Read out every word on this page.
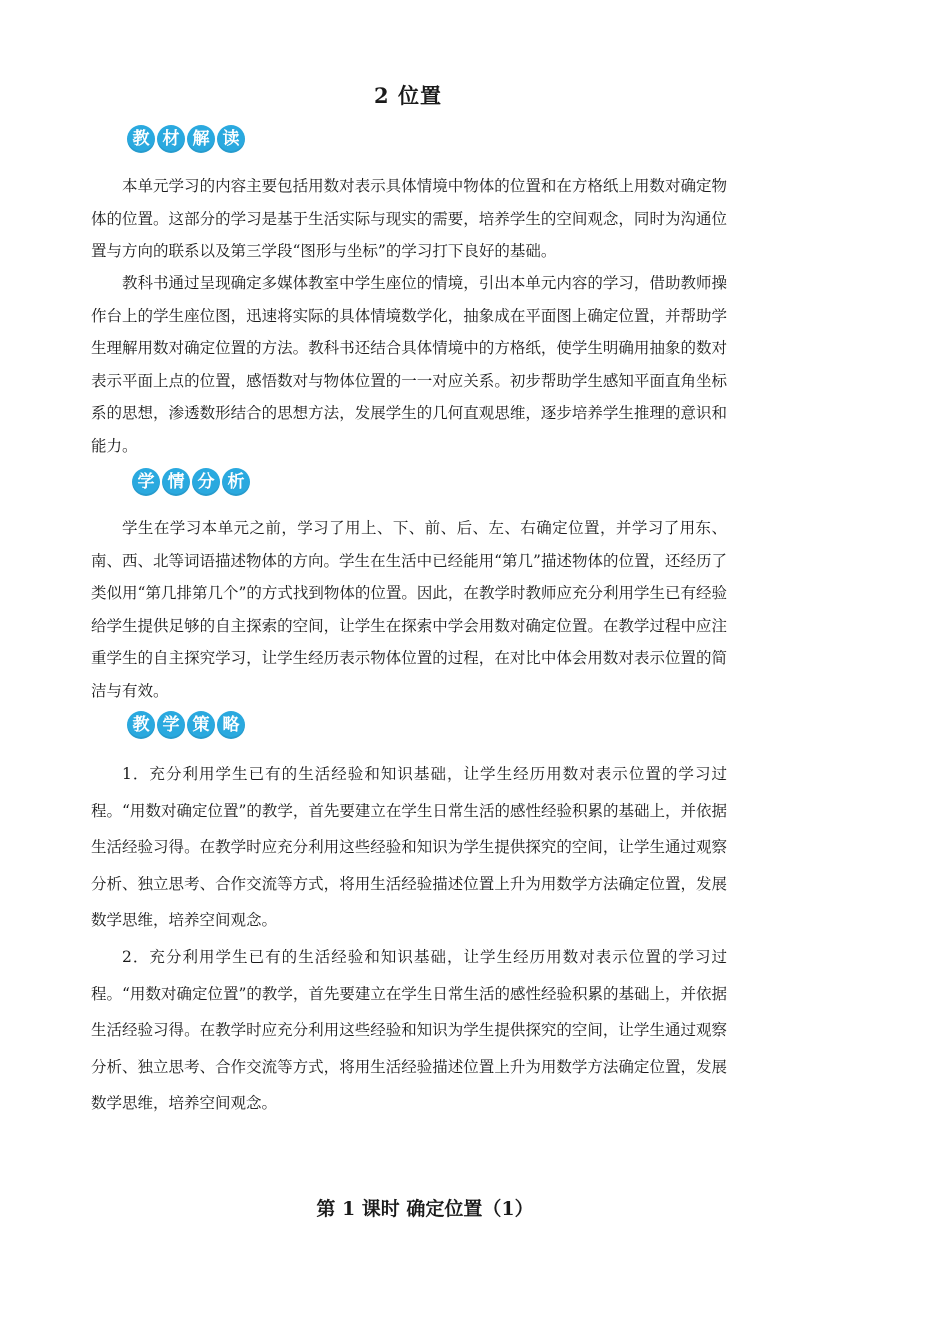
2 位置
教 材 解 读

本单元学习的内容主要包括用数对表示具体情境中物体的位置和在方格纸上用数对确定物体的位置。这部分的学习是基于生活实际与现实的需要，培养学生的空间观念，同时为沟通位置与方向的联系以及第三学段“图形与坐标”的学习打下良好的基础。

教科书通过呈现确定多媒体教室中学生座位的情境，引出本单元内容的学习，借助教师操作台上的学生座位图，迅速将实际的具体情境数学化，抽象成在平面图上确定位置，并帮助学生理解用数对确定位置的方法。教科书还结合具体情境中的方格纸，使学生明确用抽象的数对表示平面上点的位置，感悟数对与物体位置的一一对应关系。初步帮助学生感知平面直角坐标系的思想，渗透数形结合的思想方法，发展学生的几何直观思维，逐步培养学生推理的意识和能力。

学 情 分 析

学生在学习本单元之前，学习了用上、下、前、后、左、右确定位置，并学习了用东、南、西、北等词语描述物体的方向。学生在生活中已经能用“第几”描述物体的位置，还经历了类似用“第几排第几个”的方式找到物体的位置。因此，在教学时教师应充分利用学生已有经验给学生提供足够的自主探索的空间，让学生在探索中学会用数对确定位置。在教学过程中应注重学生的自主探究学习，让学生经历表示物体位置的过程，在对比中体会用数对表示位置的简洁与有效。

教 学 策 略

1．充分利用学生已有的生活经验和知识基础，让学生经历用数对表示位置的学习过程。“用数对确定位置”的教学，首先要建立在学生日常生活的感性经验积累的基础上，并依据生活经验习得。在教学时应充分利用这些经验和知识为学生提供探究的空间，让学生通过观察分析、独立思考、合作交流等方式，将用生活经验描述位置上升为用数学方法确定位置，发展数学思维，培养空间观念。

2．充分利用学生已有的生活经验和知识基础，让学生经历用数对表示位置的学习过程。“用数对确定位置”的教学，首先要建立在学生日常生活的感性经验积累的基础上，并依据生活经验习得。在教学时应充分利用这些经验和知识为学生提供探究的空间，让学生通过观察分析、独立思考、合作交流等方式，将用生活经验描述位置上升为用数学方法确定位置，发展数学思维，培养空间观念。

第 1 课时 确定位置（1）
